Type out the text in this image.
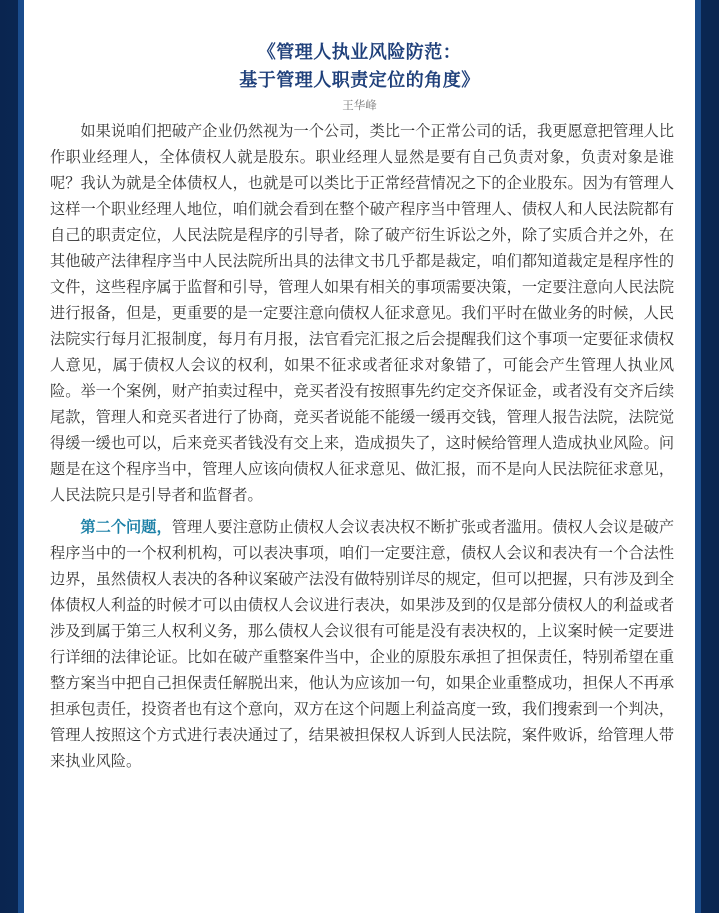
《管理人执业风险防范：
基于管理人职责定位的角度》
王华峰

如果说咱们把破产企业仍然视为一个公司，类比一个正常公司的话，我更愿意把管理人比作职业经理人，全体债权人就是股东。职业经理人显然是要有自己负责对象，负责对象是谁呢？我认为就是全体债权人，也就是可以类比于正常经营情况之下的企业股东。因为有管理人这样一个职业经理人地位，咱们就会看到在整个破产程序当中管理人、债权人和人民法院都有自己的职责定位，人民法院是程序的引导者，除了破产衍生诉讼之外，除了实质合并之外，在其他破产法律程序当中人民法院所出具的法律文书几乎都是裁定，咱们都知道裁定是程序性的文件，这些程序属于监督和引导，管理人如果有相关的事项需要决策，一定要注意向人民法院进行报备，但是，更重要的是一定要注意向债权人征求意见。我们平时在做业务的时候，人民法院实行每月汇报制度，每月有月报，法官看完汇报之后会提醒我们这个事项一定要征求债权人意见，属于债权人会议的权利，如果不征求或者征求对象错了，可能会产生管理人执业风险。举一个案例，财产拍卖过程中，竞买者没有按照事先约定交齐保证金，或者没有交齐后续尾款，管理人和竞买者进行了协商，竞买者说能不能缓一缓再交钱，管理人报告法院，法院觉得缓一缓也可以，后来竞买者钱没有交上来，造成损失了，这时候给管理人造成执业风险。问题是在这个程序当中，管理人应该向债权人征求意见、做汇报，而不是向人民法院征求意见，人民法院只是引导者和监督者。

第二个问题，管理人要注意防止债权人会议表决权不断扩张或者滥用。债权人会议是破产程序当中的一个权利机构，可以表决事项，咱们一定要注意，债权人会议和表决有一个合法性边界，虽然债权人表决的各种议案破产法没有做特别详尽的规定，但可以把握，只有涉及到全体债权人利益的时候才可以由债权人会议进行表决，如果涉及到的仅是部分债权人的利益或者涉及到属于第三人权利义务，那么债权人会议很有可能是没有表决权的，上议案时候一定要进行详细的法律论证。比如在破产重整案件当中，企业的原股东承担了担保责任，特别希望在重整方案当中把自己担保责任解脱出来，他认为应该加一句，如果企业重整成功，担保人不再承担承包责任，投资者也有这个意向，双方在这个问题上利益高度一致，我们搜索到一个判决，管理人按照这个方式进行表决通过了，结果被担保权人诉到人民法院，案件败诉，给管理人带来执业风险。
